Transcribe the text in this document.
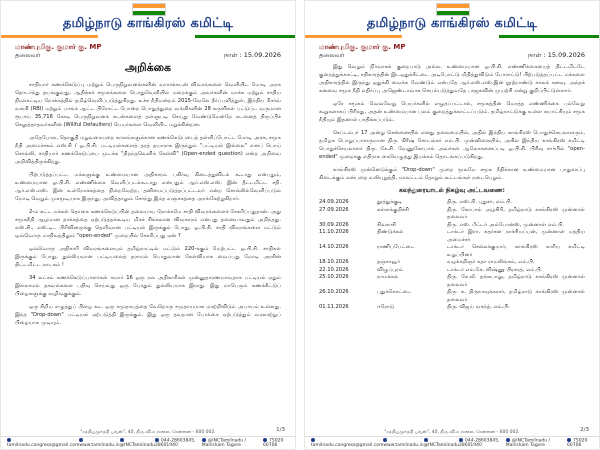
தமிழ்நாடு காங்கிரஸ் கமிட்டி
மாண்புமிகு. குமார் கு. MP
தலைவர்	நாள் : 15.09.2026
அறிக்கை

சாதியார் கணக்கெடுப்பு மற்றும் பெருநிறுவனங்களின் வாராக்கடன் விவரங்களை வெளியிட மோடி அரசு தொடர்ந்து தயங்குவது, ஆதிக்கச் சமூகங்களை பொதுவெளியில் மறைக்கும் அவர்களின் மாக்க மற்றும் சாதிய நிரல்கட்டிய நோக்கத்தில் தமிழ்வெளிப்படுத்துகிறது. உச்ச நீதிமன்றம் 2015-வேலே தீர்ப்பளித்துள், இந்திய ரிசர்வ் வங்கி (RBI) மற்றும் பாங்க் ஆட்ட பிரோட்ட போன்ற பொதுத்துறை வங்கிகளின் 28 கருவிகள் பட்டுப்ட வருமான ரூபாய் 35,716 கோடி பெருநிறுவனக் கடன்களைத் தள்ளுபடி செய்து வேண்டுமென்றே கடனைத் திருப்பிச் செலுத்தாதவர்களின் (Willful Defaulters) பெயர்களை வெளியிட மறுக்கின்றன.

அதேபோல, தொகுதி மறுவரையறை காலங்களுக்கான கணக்கெடுப்பைத் தள்ளிப்போட்ட மோடி அரசு, சமூக நீதி அமைச்சகம் எஸ்.சி / ஓ.பி.சி. பட்டியல்களைத் தரத் தயாராக இருந்தும் "பட்டியல் இல்லை" எனப் பொய் சொல்லி, சாதியார் கணக்கெடுப்பை முடக்க "திறந்தவெளிக் கேள்வி" (Open-ended question) என்ற அறிவை அறிவித்திருக்கிறது.

பிற்படுத்தப்பட்ட மக்களுக்கு உண்மையான அதிகாரம் பகிர்வு கிடைத்துவிடக் கூடாது என்பதும், உண்மையான ஓ.பி.சி. எண்ணிக்கை வெளிப்படக்கூடாது என்பதும் ஆர்.எஸ்.எஸ். இன் தீட்டமிட்ட சதி. ஆர்.எஸ்.எஸ். இன் உள்நோக்கத்தை நிறைவேற்ற, தனிமைப்படுத்தப்பட்டவர் என்ற சொல்லில்வெளிப்படும் மோடி வெறும் முகமூடியாக இருந்து, அவித்தாலும் சேர்ந்து இந்த வஞ்சகத்தை அரங்கேற்றுகிறார்.

2-ம் கட்ட மக்கள் தொகை கணக்கெடுப்பின் தலையாய நோக்கமே சாதி விவரங்களைச் சேகரிப்பதுதான். அது சமூகநீதி ஆழமான தாக்கத்தை ஏற்படுத்தக்கூடிய மிகச் சிக்கலான விவகாரம் என்பது தனையாவதும் அறிந்தது. எஸ்.சி., எஸ்.டி., பிரிவினருக்கு தெளிவான பட்டியல் இருக்கும் போது, ஓ.பி.சி. சாதி விவரங்களை மட்டும் ஒவ்வொரு மாநிலத்திலும் "open-ended" முறையில் சேகரிப்பது ஏன் ?

ஒவ்வொரு அதிகாரி விவரங்களையும் தமிழ்நாட்டில் மட்டும் 220-க்கும் மேற்பட்ட ஓ.பி.சி. சாதிகள் இருக்கும் போது, துல்லியமான பட்டியலைத் தராமல் பொதுவான கேள்வியாக வைப்பது மோடி அரசின் திட்டமிட்ட நாடகம் !

34 லட்சம் கணக்கெடுப்பாளர்கள் சுமார் 16 ஒரு நல அதிகாரிகள் முன்னுதாரணமாவதாக பட்டியல் ஏதும் இல்லாமல் தகவல்களை பதிவு செய்வது ஒரு போதும் துல்லியமாக இராது. இது மாபெரும் கணக்கீட்டுப் பிழைகளுக்கு வழிவகுக்கும்.

ஒரு சிறிய எழுத்துப் பிழை கூட ஒரு சமுதாயத்தை வேறொரு சமுதாயமாக மாற்றிவிடும் அபாயம் உள்ளது. இந்த "Drop-down" பட்டியல் ஏற்படுத்தி இருக்கும். இது ஒரு தவறான போக்கை ஏற்படுத்தும் வரலாற்றுப் பிழையாக முடியும்.

1/3
"சத்தியமூர்த்தி பவன்", 40, திரு.வி.க சாலை, சென்னை - 600 002.
tamilnadu.congress@gmail.com www.tamilnadu.in @INCTamilnadu
044-28603845, 28601940
@INCTamilnadu / Manickam Tagore
75020 60706
தமிழ்நாடு காங்கிரஸ் கமிட்டி
மாண்புமிகு. குமார் கு. MP
தலைவர்	நாள் : 15.09.2026

இது வெறும் நிர்வாகக் குறைபாடு அல்ல. உண்மையான ஓ.பி.சி. எண்ணிக்கையைத் திட்டமிட்டே குறைத்துக்காட்டி, சதிகாரத்தின் இடஒதுக்கீட்டை அடிபோட்டு மிதித்துவிடும் போராட்டு! பிற்படுத்தப்பட்ட மக்களை அதிகாரத்தில் இருந்து ஒதுக்கி வைக்க வேண்டும் என்பதே ஆர்.எஸ்.எஸ்.இன் நூற்றாண்டு காலக் கனவு. அந்தக் கனவை சமூக நீதி எதிர்ப்பு அஜெண்டாவாக செயல்படுத்துவதே பாஜகவின் முயற்சி என்று குறிப்பிட்டுள்ளார்.

ஒரே சமூகம் வெவ்வேறு பெயர்களில் எழுதப்பட்டால், சமூகத்தின் மொத்த எண்ணிக்கை பல்வேறு கூறுகளாகப் பிரிந்து, அதன் உண்மையான பலம் குறைத்துக்காட்டப்படும். தமிழ்நாட்டுக்கு உள்ள சுயாட்சியும் சமூக நீதியும் இதனால் பாதிக்கப்படும்.

செப்டம்பர் 17 அன்று சென்னையில் எனது தலைமையில், அதில் இந்திய காங்கிரஸ் பொதுச்செயலாளரும், தமிழக பொறுப்பாளருமான திரு. கிரீஷ் சோடங்கர் எம்.பி. முன்னிலையில், அகில இந்திய காங்கிரஸ் கமிட்டி பொதுச்செயலாளர் திரு. கே.சி. வேணுகோபால் அவர்கள் ஆலோசனைப்படி ஓ.பி.சி. பிரிவு சார்பில் "open-ended" முறைக்கு எதிராக கையெழுத்து இயக்கம் தொடங்கப்படுகிறது.

காங்கிரஸ் முன்னெடுக்கும் "Drop-down" முறை மூலமே சமூக நீதிக்கான உண்மையான பாதுகாப்பு கிடைக்கும் என்பதை வலியுறுத்தி, மாவட்டம் தோறும் கூட்டங்கள் நடைபெறும்.

கலந்துரையாடல் நிகழ்வு அட்டவணை:
24.09.2026	தூத்துக்குடி	திரு. எஸ்.பி. புதுசா, எம்.பி.
27.09.2026	கள்ளக்குறிச்சி	திரு. கோபால் அழகிரி, தமிழ்நாடு காங்கிரஸ் முன்னாள் தலைவர்
30.09.2026	சிவகாசி	திரு. எஸ். பீட்டர் அல்போன்ஸ், முன்னாள் எம்.பி.
11.10.2026	திண்டுக்கல்	டாக்டர் இரா. சுதர்சன நாச்சியப்பன், முன்னாள் மத்திய அமைச்சர்
14.10.2026	ராணிப்பேட்டை	டாக்டர் செல்லக்குமார், காங்கிரஸ் காரிய கமிட்டி உறுப்பினர்
18.10.2026	தஞ்சாவூர்	வழக்கறிஞர் கதா ராமலிங்கம், எம்.பி.
22.10.2026	விழுப்புரம்	டாக்டர் எம்.கே. விஷ்ணு பிரசாத், எம்.பி.
25.10.2026	நாமக்கல்	திரு. கே.வீ. தங்கபாலு, தமிழ்நாடு காங்கிரஸ் முன்னாள் தலைவர்
26.10.2026	புதுக்கோட்டை	திரு. சு. திருநாவுக்கரசர், தமிழ்நாடு காங்கிரஸ் முன்னாள் தலைவர்
01.11.2026	ஈரோடு	திரு. விஜய் வசந்த், எம்.பி.
2/3
"சத்தியமூர்த்தி பவன்", 40, திரு.வி.க சாலை, சென்னை - 600 002.
tamilnadu.congress@gmail.com www.tamilnadu.in @INCTamilnadu
044-28603845, 28601940
@INCTamilnadu / Manickam Tagore
75020 60706
